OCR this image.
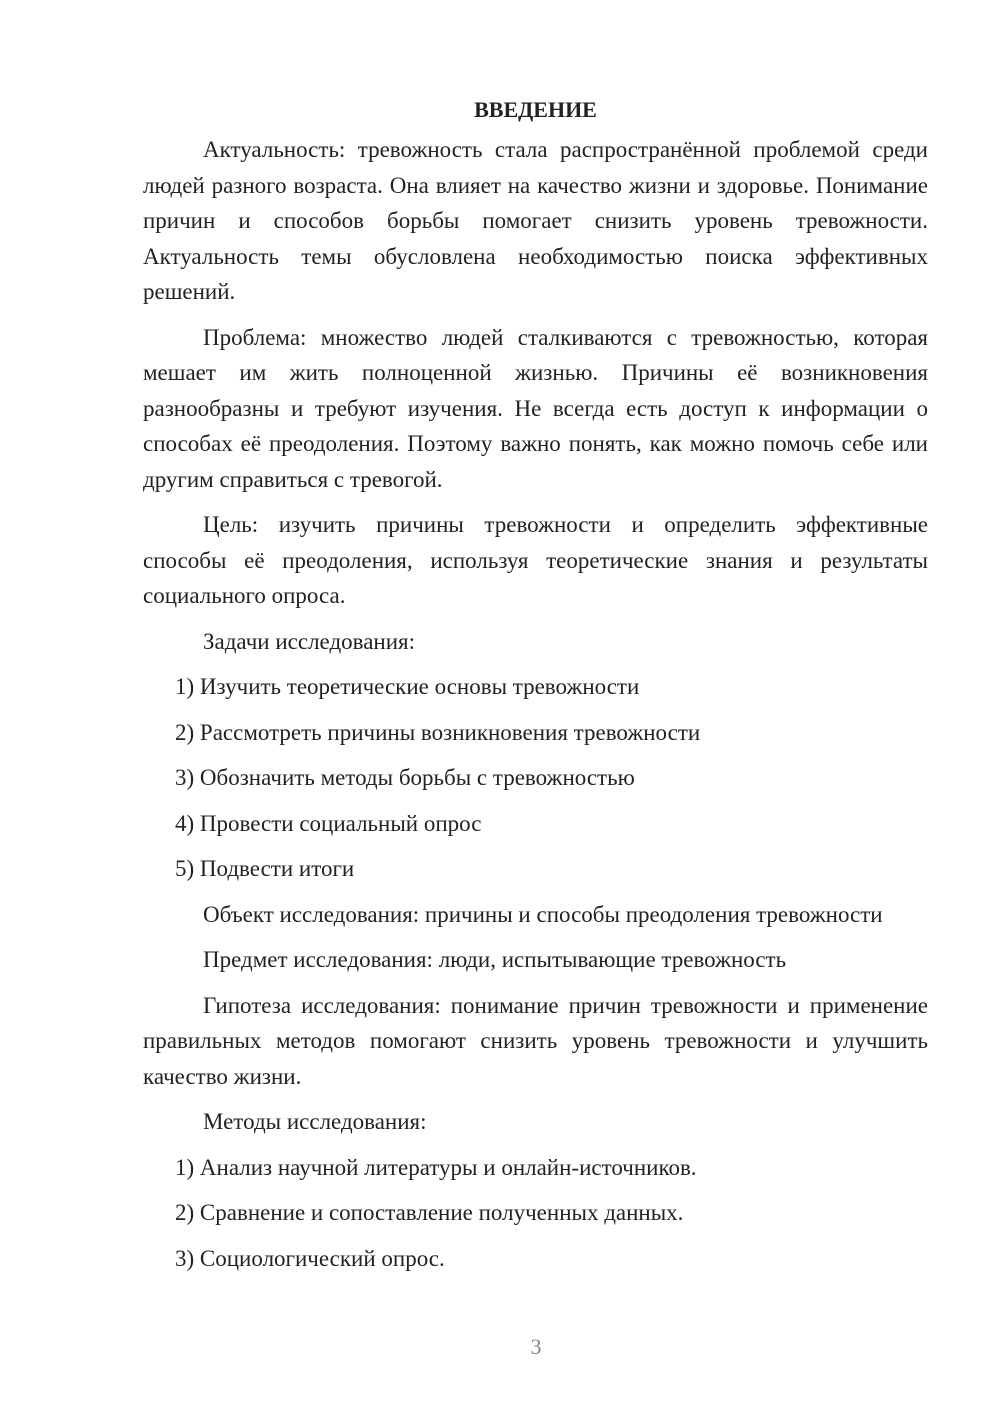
ВВЕДЕНИЕ

Актуальность: тревожность стала распространённой проблемой среди людей разного возраста. Она влияет на качество жизни и здоровье. Понимание причин и способов борьбы помогает снизить уровень тревожности. Актуальность темы обусловлена необходимостью поиска эффективных решений.

Проблема: множество людей сталкиваются с тревожностью, которая мешает им жить полноценной жизнью. Причины её возникновения разнообразны и требуют изучения. Не всегда есть доступ к информации о способах её преодоления. Поэтому важно понять, как можно помочь себе или другим справиться с тревогой.

Цель: изучить причины тревожности и определить эффективные способы её преодоления, используя теоретические знания и результаты социального опроса.

Задачи исследования:

1) Изучить теоретические основы тревожности

2) Рассмотреть причины возникновения тревожности

3) Обозначить методы борьбы с тревожностью

4) Провести социальный опрос

5) Подвести итоги

Объект исследования: причины и способы преодоления тревожности

Предмет исследования: люди, испытывающие тревожность

Гипотеза исследования: понимание причин тревожности и применение правильных методов помогают снизить уровень тревожности и улучшить качество жизни.

Методы исследования:

1) Анализ научной литературы и онлайн-источников.

2) Сравнение и сопоставление полученных данных.

3) Социологический опрос.

3
